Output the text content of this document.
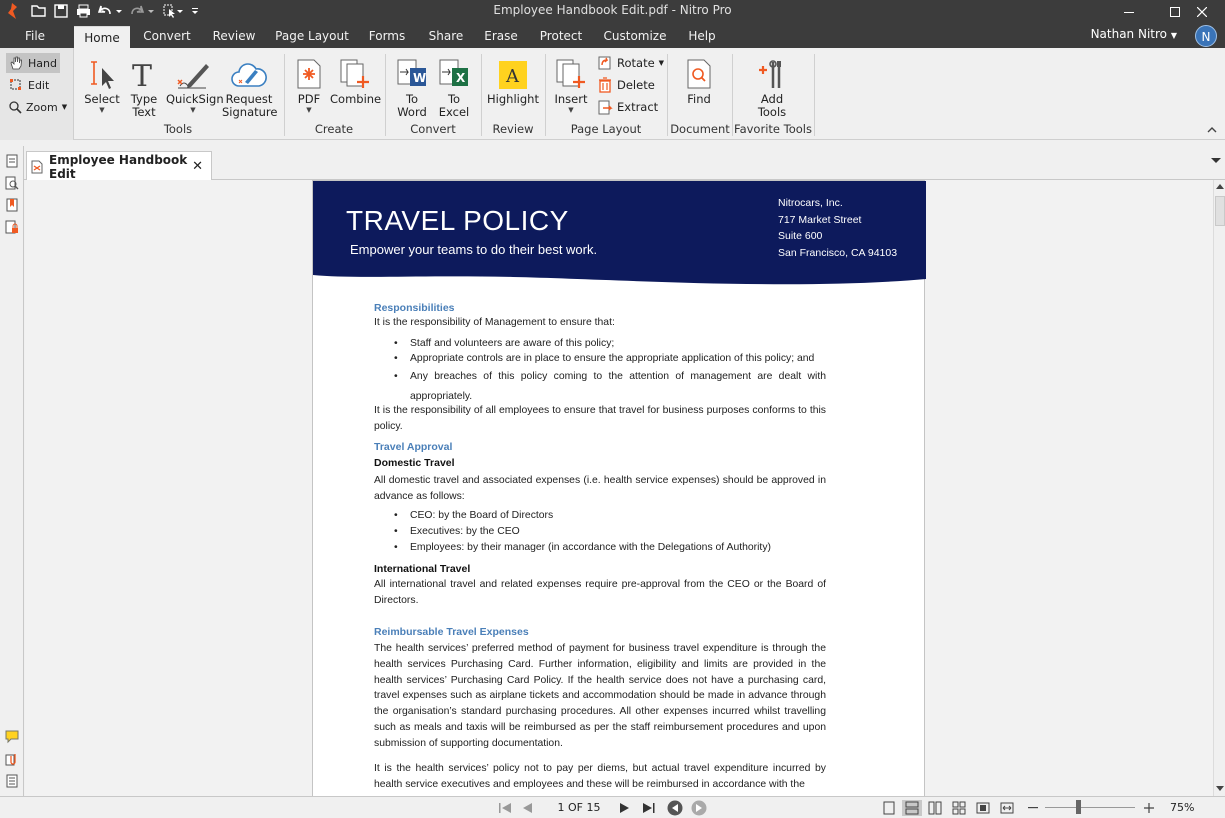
Employee Handbook Edit.pdf - Nitro Pro
File	Home	Convert	Review	Page Layout	Forms	Share	Erase	Protect	Customize	Help	Nathan Nitro ▼	N
Hand
Edit
Zoom ▼
Select
▼
T
Type
Text
QuickSign
▼
Request
Signature
Tools
PDF
▼
Combine
Create
W
To
Word
X
To
Excel
Convert
A
Highlight
Review
Insert
▼
Rotate ▼
Delete
Extract
Page Layout
Find
Document
Add
Tools
Favorite Tools
Employee Handbook Edit	✕
TRAVEL POLICY
Empower your teams to do their best work.
Nitrocars, Inc.
717 Market Street
Suite 600
San Francisco, CA 94103
Responsibilities
It is the responsibility of Management to ensure that:
• Staff and volunteers are aware of this policy;
• Appropriate controls are in place to ensure the appropriate application of this policy; and
• Any breaches of this policy coming to the attention of management are dealt with appropriately.
It is the responsibility of all employees to ensure that travel for business purposes conforms to this policy.
Travel Approval
Domestic Travel
All domestic travel and associated expenses (i.e. health service expenses) should be approved in advance as follows:
• CEO: by the Board of Directors
• Executives: by the CEO
• Employees: by their manager (in accordance with the Delegations of Authority)
International Travel
All international travel and related expenses require pre-approval from the CEO or the Board of Directors.
Reimbursable Travel Expenses
The health services’ preferred method of payment for business travel expenditure is through the health services Purchasing Card. Further information, eligibility and limits are provided in the health services’ Purchasing Card Policy. If the health service does not have a purchasing card, travel expenses such as airplane tickets and accommodation should be made in advance through the organisation’s standard purchasing procedures. All other expenses incurred whilst travelling such as meals and taxis will be reimbursed as per the staff reimbursement procedures and upon submission of supporting documentation.
It is the health services’ policy not to pay per diems, but actual travel expenditure incurred by health service executives and employees and these will be reimbursed in accordance with the
1 OF 15	75%
